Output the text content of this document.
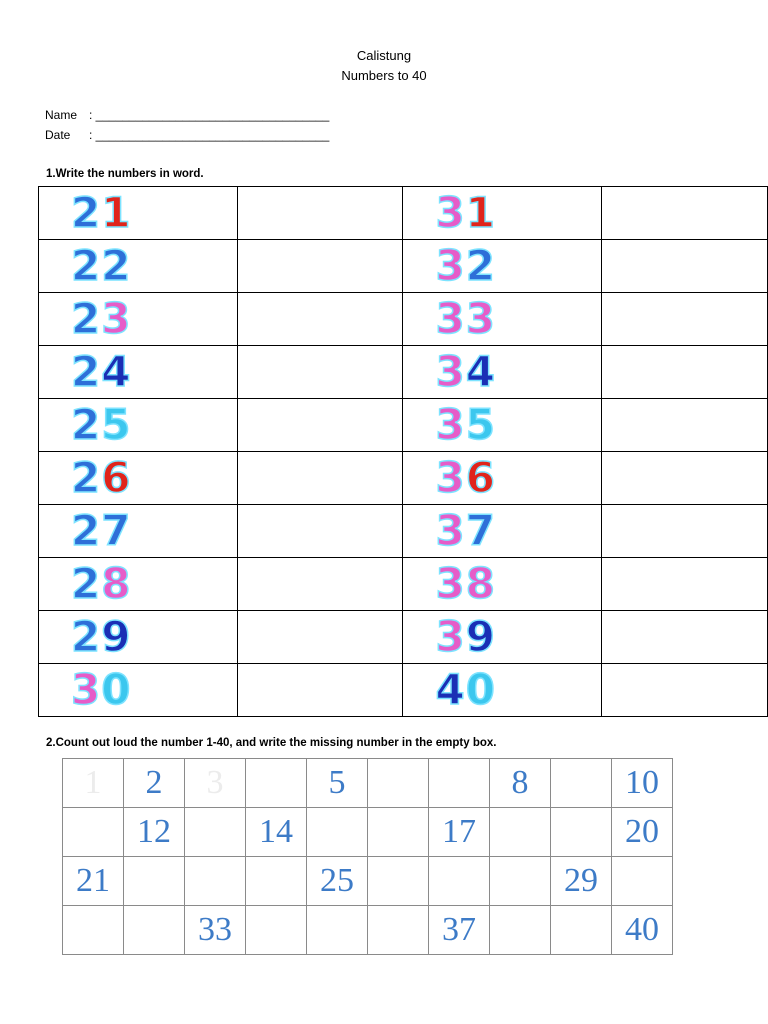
Calistung
Numbers to 40
Name : ___________________________________
Date : ___________________________________
1.Write the numbers in word.
21		31	
22		32	
23		33	
24		34	
25		35	
26		36	
27		37	
28		38	
29		39	
30		40	
2.Count out loud the number 1-40, and write the missing number in the empty box.
1	2	3		5			8		10
	12		14			17			20
21				25				29	
		33				37			40
